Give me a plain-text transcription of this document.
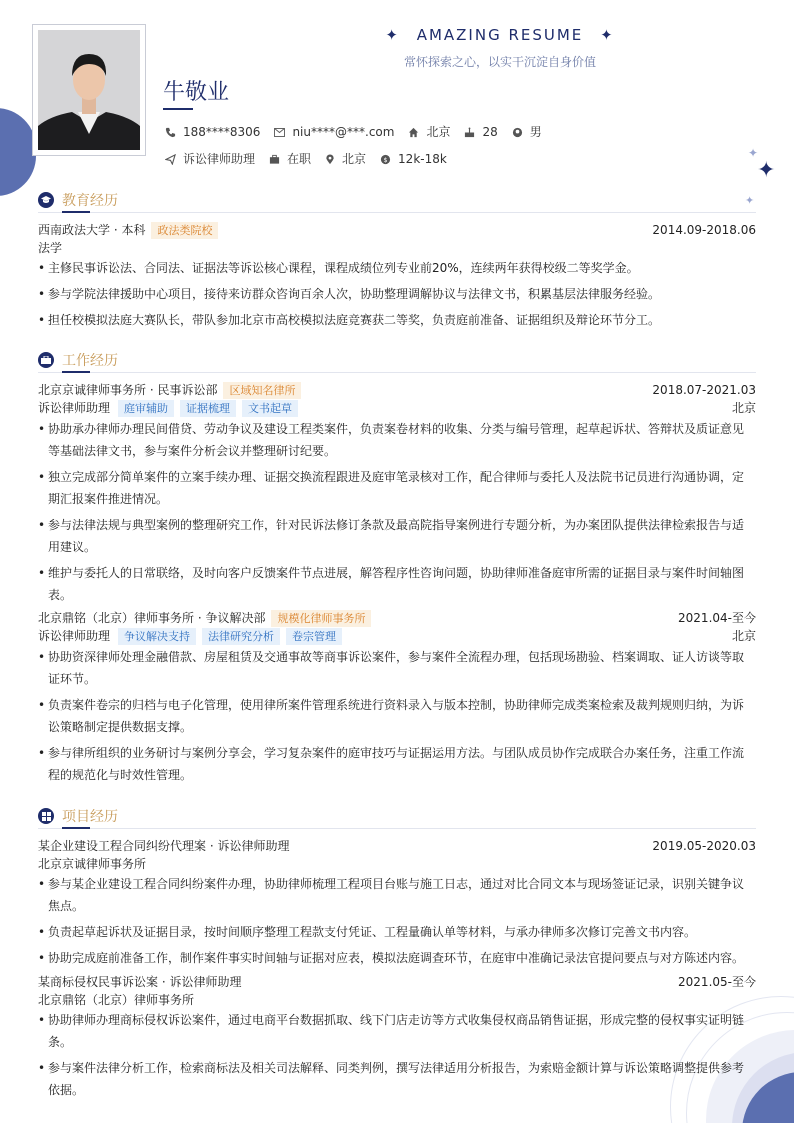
✦ AMAZING RESUME ✦
常怀探索之心，以实干沉淀自身价值
牛敬业
188****8306	niu****@***.com	北京	28	男
诉讼律师助理	在职	北京 $ 12k-18k	✦
✦
✦
教育经历
西南政法大学 · 本科	政法类院校	2014.09-2018.06
法学
• 主修民事诉讼法、合同法、证据法等诉讼核心课程，课程成绩位列专业前20%，连续两年获得校级二等奖学金。
• 参与学院法律援助中心项目，接待来访群众咨询百余人次，协助整理调解协议与法律文书，积累基层法律服务经验。
• 担任校模拟法庭大赛队长，带队参加北京市高校模拟法庭竞赛获二等奖，负责庭前准备、证据组织及辩论环节分工。
工作经历
北京京诚律师事务所 · 民事诉讼部	区域知名律所	2018.07-2021.03
诉讼律师助理	庭审辅助	证据梳理	文书起草	北京
• 协助承办律师办理民间借贷、劳动争议及建设工程类案件，负责案卷材料的收集、分类与编号管理，起草起诉状、答辩状及质证意见
等基础法律文书，参与案件分析会议并整理研讨纪要。
• 独立完成部分简单案件的立案手续办理、证据交换流程跟进及庭审笔录核对工作，配合律师与委托人及法院书记员进行沟通协调，定
期汇报案件推进情况。
• 参与法律法规与典型案例的整理研究工作，针对民诉法修订条款及最高院指导案例进行专题分析，为办案团队提供法律检索报告与适
用建议。
• 维护与委托人的日常联络，及时向客户反馈案件节点进展，解答程序性咨询问题，协助律师准备庭审所需的证据目录与案件时间轴图
表。
北京鼎铭（北京）律师事务所 · 争议解决部	规模化律师事务所	2021.04-至今
诉讼律师助理	争议解决支持	法律研究分析	卷宗管理	北京
• 协助资深律师处理金融借款、房屋租赁及交通事故等商事诉讼案件，参与案件全流程办理，包括现场勘验、档案调取、证人访谈等取
证环节。
• 负责案件卷宗的归档与电子化管理，使用律所案件管理系统进行资料录入与版本控制，协助律师完成类案检索及裁判规则归纳，为诉
讼策略制定提供数据支撑。
• 参与律所组织的业务研讨与案例分享会，学习复杂案件的庭审技巧与证据运用方法。与团队成员协作完成联合办案任务，注重工作流
程的规范化与时效性管理。
项目经历
某企业建设工程合同纠纷代理案 · 诉讼律师助理	2019.05-2020.03
北京京诚律师事务所
• 参与某企业建设工程合同纠纷案件办理，协助律师梳理工程项目台账与施工日志，通过对比合同文本与现场签证记录，识别关键争议
焦点。
• 负责起草起诉状及证据目录，按时间顺序整理工程款支付凭证、工程量确认单等材料，与承办律师多次修订完善文书内容。
• 协助完成庭前准备工作，制作案件事实时间轴与证据对应表，模拟法庭调查环节，在庭审中准确记录法官提问要点与对方陈述内容。
某商标侵权民事诉讼案 · 诉讼律师助理	2021.05-至今
北京鼎铭（北京）律师事务所
• 协助律师办理商标侵权诉讼案件，通过电商平台数据抓取、线下门店走访等方式收集侵权商品销售证据，形成完整的侵权事实证明链
条。
• 参与案件法律分析工作，检索商标法及相关司法解释、同类判例，撰写法律适用分析报告，为索赔金额计算与诉讼策略调整提供参考
依据。
